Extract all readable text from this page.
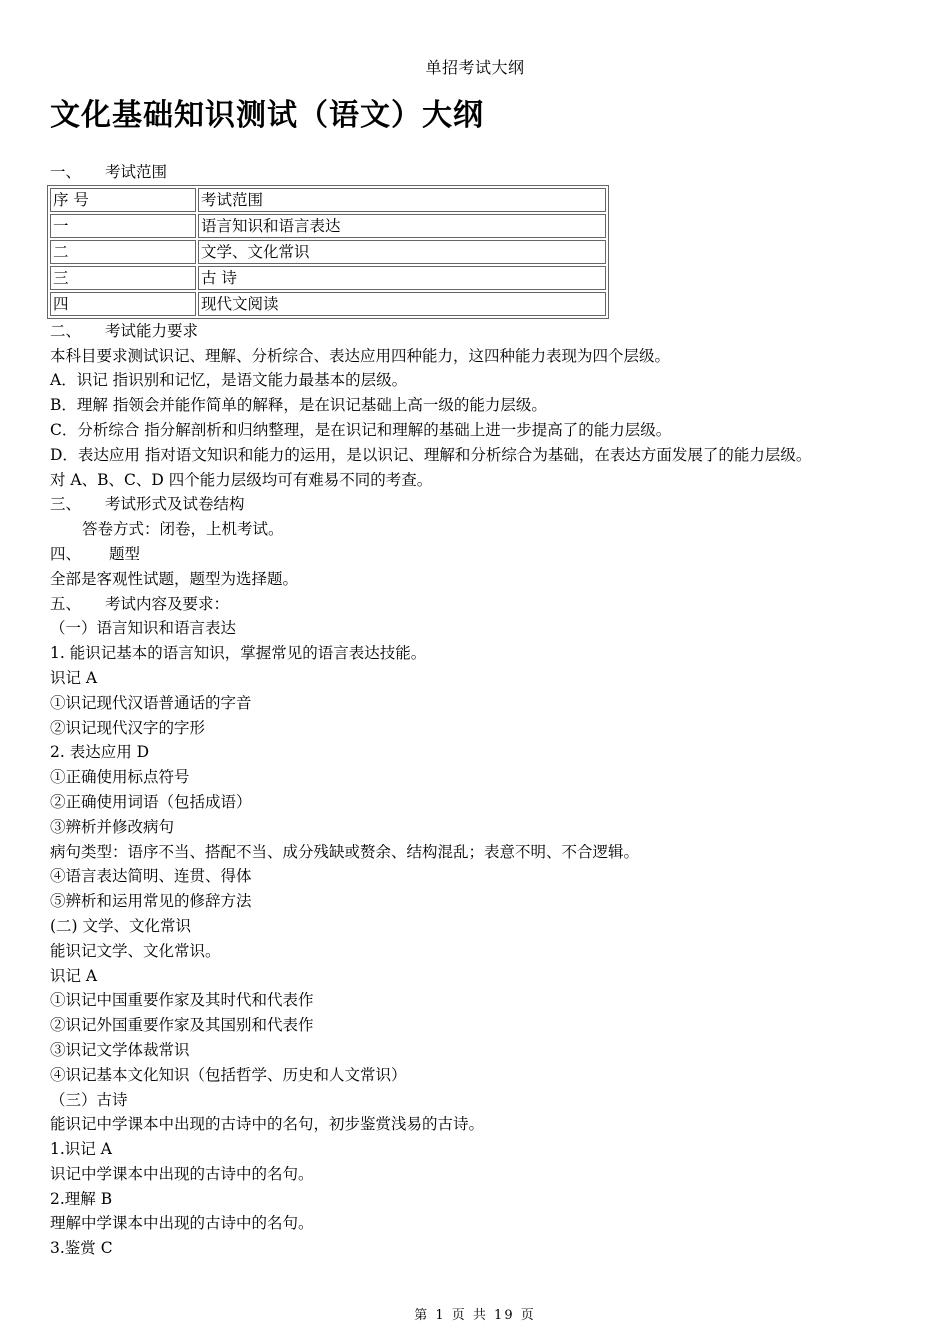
单招考试大纲
文化基础知识测试（语文）大纲
一、 考试范围
序 号	考试范围
一	语言知识和语言表达
二	文学、文化常识
三	古 诗
四	现代文阅读
二、 考试能力要求
本科目要求测试识记、理解、分析综合、表达应用四种能力，这四种能力表现为四个层级。
A．识记 指识别和记忆，是语文能力最基本的层级。
B．理解 指领会并能作简单的解释，是在识记基础上高一级的能力层级。
C．分析综合 指分解剖析和归纳整理，是在识记和理解的基础上进一步提高了的能力层级。
D．表达应用 指对语文知识和能力的运用，是以识记、理解和分析综合为基础，在表达方面发展了的能力层级。
对 A、B、C、D 四个能力层级均可有难易不同的考查。
三、 考试形式及试卷结构
答卷方式：闭卷，上机考试。
四、 题型
全部是客观性试题，题型为选择题。
五、 考试内容及要求：
（一）语言知识和语言表达
1. 能识记基本的语言知识，掌握常见的语言表达技能。
识记 A
①识记现代汉语普通话的字音
②识记现代汉字的字形
2. 表达应用 D
①正确使用标点符号
②正确使用词语（包括成语）
③辨析并修改病句
病句类型：语序不当、搭配不当、成分残缺或赘余、结构混乱；表意不明、不合逻辑。
④语言表达简明、连贯、得体
⑤辨析和运用常见的修辞方法
(二) 文学、文化常识
能识记文学、文化常识。
识记 A
①识记中国重要作家及其时代和代表作
②识记外国重要作家及其国别和代表作
③识记文学体裁常识
④识记基本文化知识（包括哲学、历史和人文常识）
（三）古诗
能识记中学课本中出现的古诗中的名句，初步鉴赏浅易的古诗。
1.识记 A
识记中学课本中出现的古诗中的名句。
2.理解 B
理解中学课本中出现的古诗中的名句。
3.鉴赏 C
第 1 页 共 19 页
